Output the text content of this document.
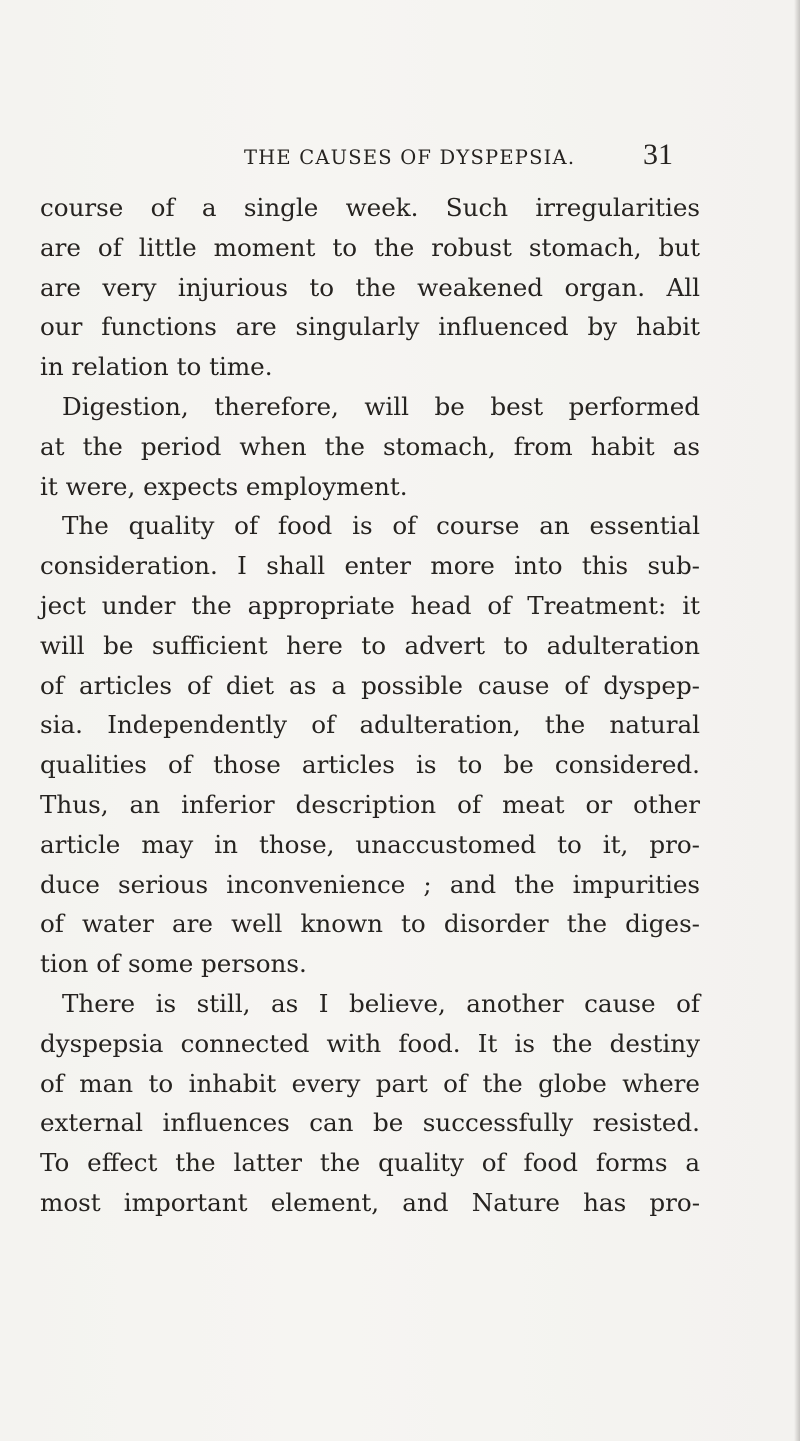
THE CAUSES OF DYSPEPSIA. 31
course of a single week. Such irregularities
are of little moment to the robust stomach, but
are very injurious to the weakened organ. All
our functions are singularly influenced by habit
in relation to time.
Digestion, therefore, will be best performed
at the period when the stomach, from habit as
it were, expects employment.
The quality of food is of course an essential
consideration. I shall enter more into this sub-
ject under the appropriate head of Treatment: it
will be sufficient here to advert to adulteration
of articles of diet as a possible cause of dyspep-
sia. Independently of adulteration, the natural
qualities of those articles is to be considered.
Thus, an inferior description of meat or other
article may in those, unaccustomed to it, pro-
duce serious inconvenience ; and the impurities
of water are well known to disorder the diges-
tion of some persons.
There is still, as I believe, another cause of
dyspepsia connected with food. It is the destiny
of man to inhabit every part of the globe where
external influences can be successfully resisted.
To effect the latter the quality of food forms a
most important element, and Nature has pro-
